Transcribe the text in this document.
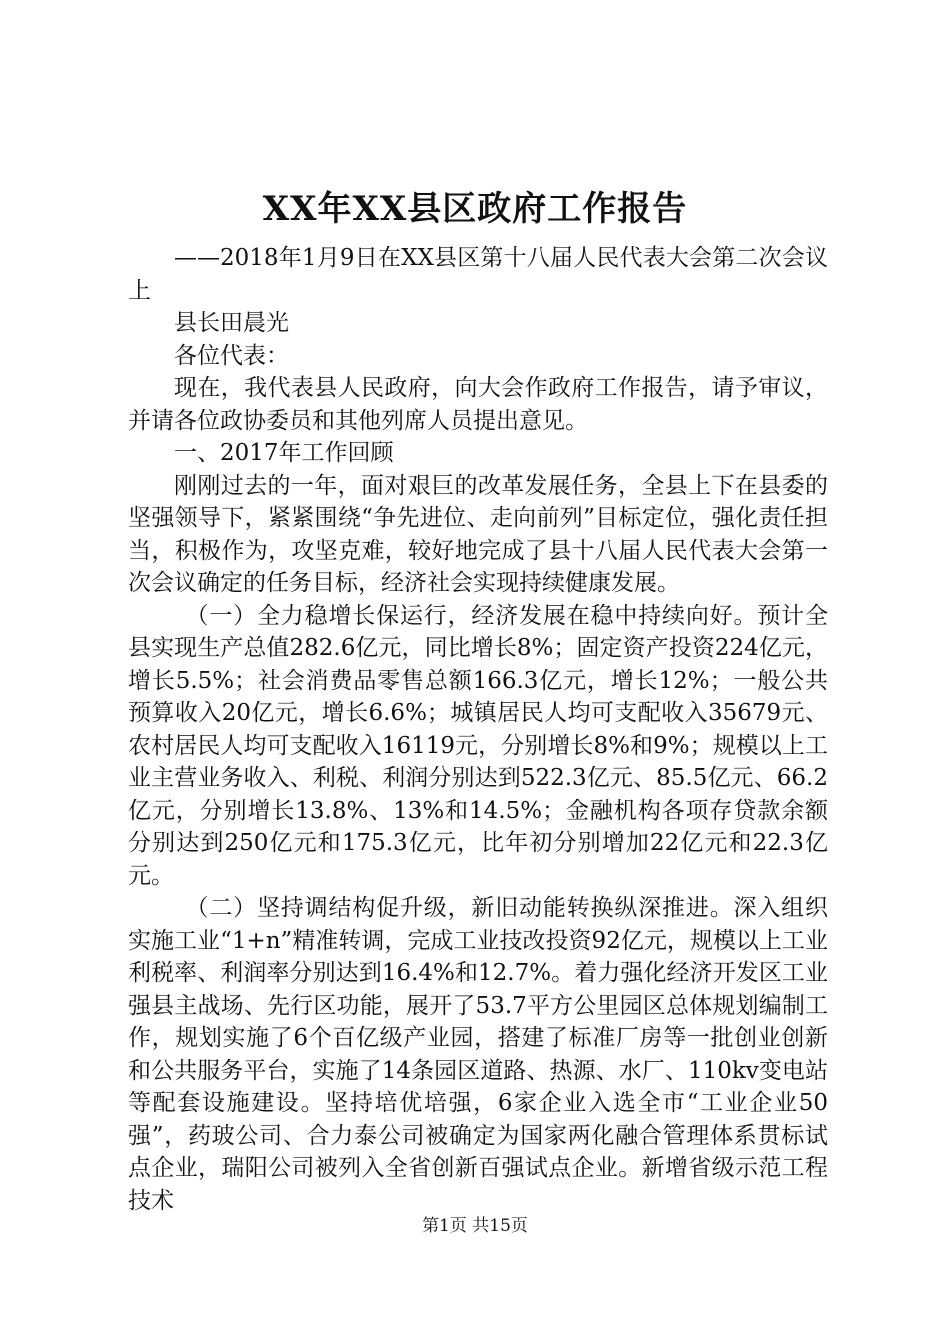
XX年XX县区政府工作报告

——2018年1月9日在XX县区第十八届人民代表大会第二次会议上

县长田晨光

各位代表：

现在，我代表县人民政府，向大会作政府工作报告，请予审议，并请各位政协委员和其他列席人员提出意见。

一、2017年工作回顾

刚刚过去的一年，面对艰巨的改革发展任务，全县上下在县委的坚强领导下，紧紧围绕“争先进位、走向前列”目标定位，强化责任担当，积极作为，攻坚克难，较好地完成了县十八届人民代表大会第一次会议确定的任务目标，经济社会实现持续健康发展。

（一）全力稳增长保运行，经济发展在稳中持续向好。预计全县实现生产总值282.6亿元，同比增长8%；固定资产投资224亿元，增长5.5%；社会消费品零售总额166.3亿元，增长12%；一般公共预算收入20亿元，增长6.6%；城镇居民人均可支配收入35679元、农村居民人均可支配收入16119元，分别增长8%和9%；规模以上工业主营业务收入、利税、利润分别达到522.3亿元、85.5亿元、66.2亿元，分别增长13.8%、13%和14.5%；金融机构各项存贷款余额分别达到250亿元和175.3亿元，比年初分别增加22亿元和22.3亿元。

（二）坚持调结构促升级，新旧动能转换纵深推进。深入组织实施工业“1+n”精准转调，完成工业技改投资92亿元，规模以上工业利税率、利润率分别达到16.4%和12.7%。着力强化经济开发区工业强县主战场、先行区功能，展开了53.7平方公里园区总体规划编制工作，规划实施了6个百亿级产业园，搭建了标准厂房等一批创业创新和公共服务平台，实施了14条园区道路、热源、水厂、110kv变电站等配套设施建设。坚持培优培强，6家企业入选全市“工业企业50强”，药玻公司、合力泰公司被确定为国家两化融合管理体系贯标试点企业，瑞阳公司被列入全省创新百强试点企业。新增省级示范工程技术

第1页 共15页
